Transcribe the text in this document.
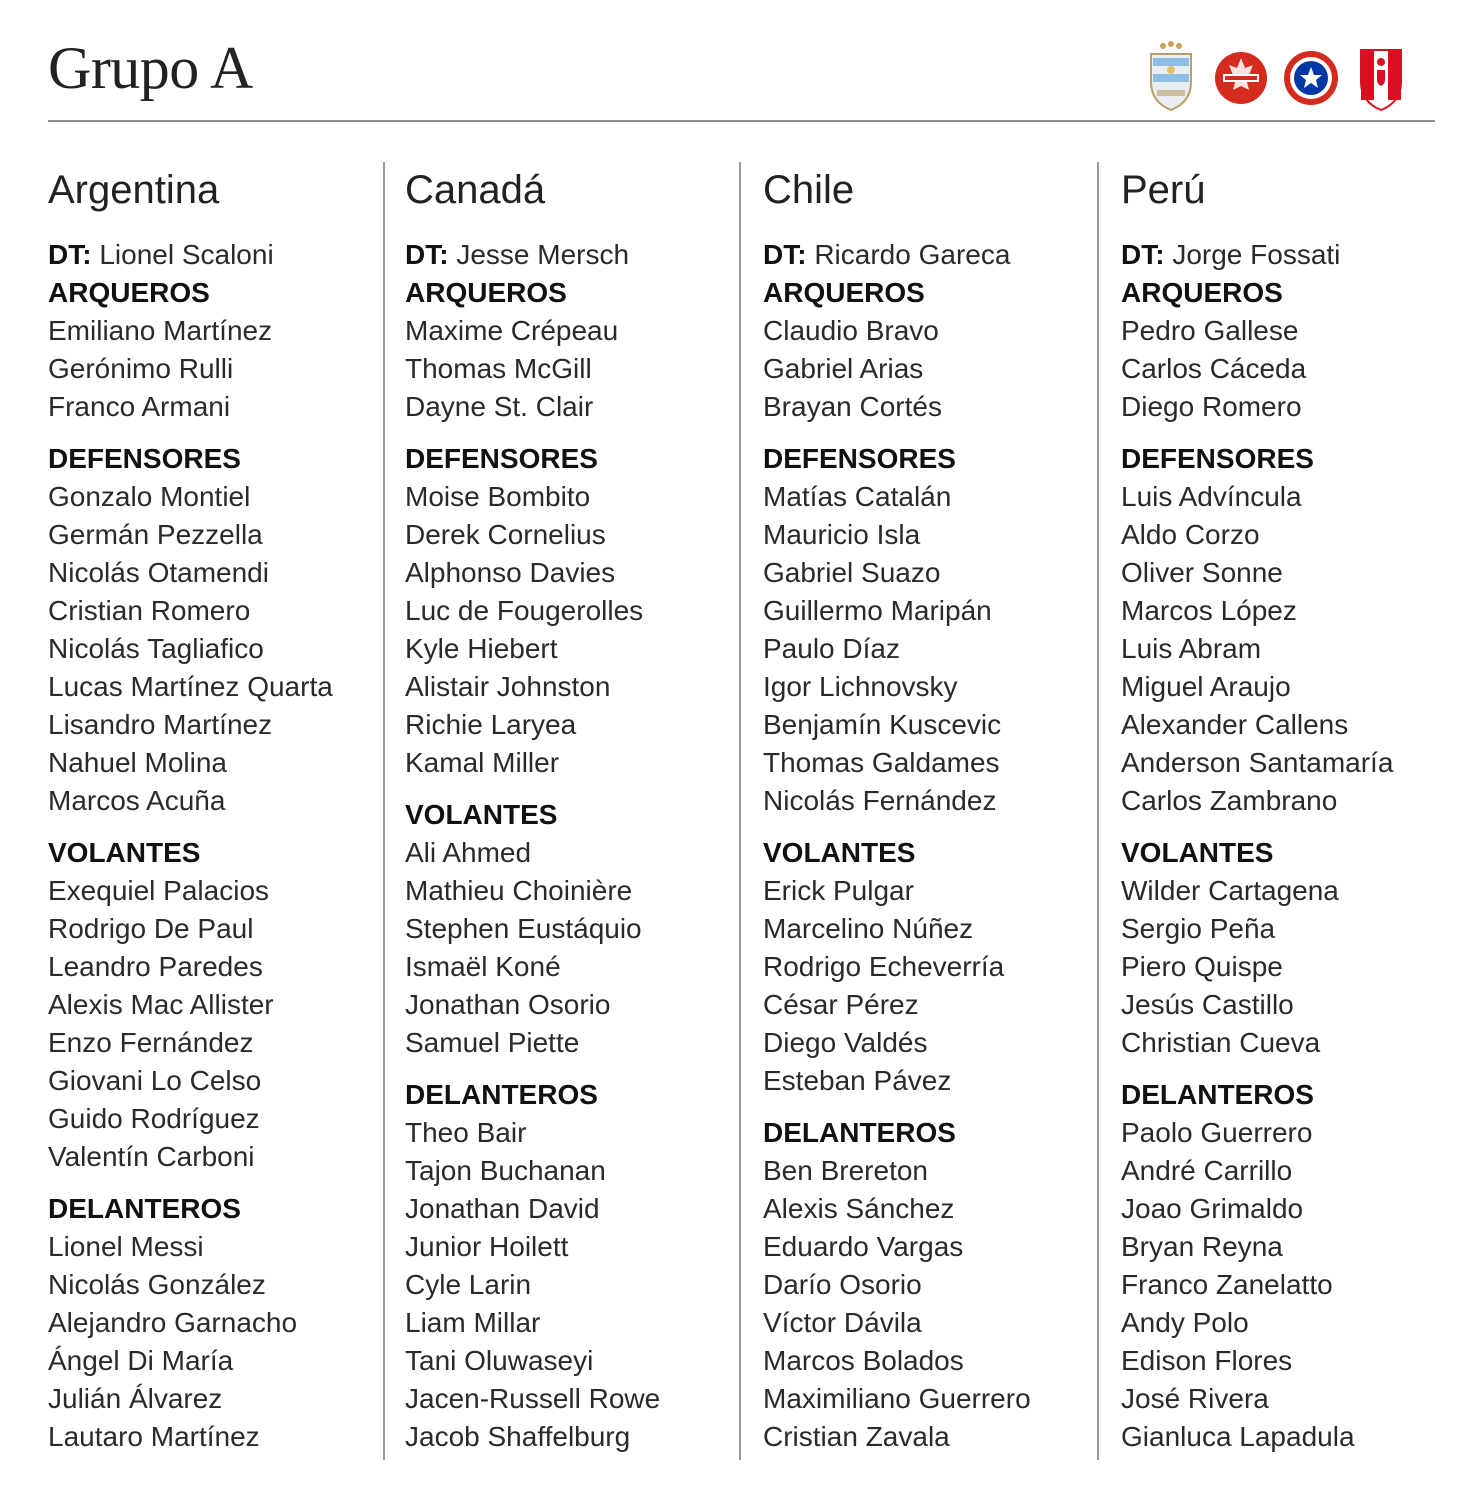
Grupo A
Argentina
DT: Lionel Scaloni
ARQUEROS
Emiliano Martínez
Gerónimo Rulli
Franco Armani
DEFENSORES
Gonzalo Montiel
Germán Pezzella
Nicolás Otamendi
Cristian Romero
Nicolás Tagliafico
Lucas Martínez Quarta
Lisandro Martínez
Nahuel Molina
Marcos Acuña
VOLANTES
Exequiel Palacios
Rodrigo De Paul
Leandro Paredes
Alexis Mac Allister
Enzo Fernández
Giovani Lo Celso
Guido Rodríguez
Valentín Carboni
DELANTEROS
Lionel Messi
Nicolás González
Alejandro Garnacho
Ángel Di María
Julián Álvarez
Lautaro Martínez
Canadá
DT: Jesse Mersch
ARQUEROS
Maxime Crépeau
Thomas McGill
Dayne St. Clair
DEFENSORES
Moise Bombito
Derek Cornelius
Alphonso Davies
Luc de Fougerolles
Kyle Hiebert
Alistair Johnston
Richie Laryea
Kamal Miller
VOLANTES
Ali Ahmed
Mathieu Choinière
Stephen Eustáquio
Ismaël Koné
Jonathan Osorio
Samuel Piette
DELANTEROS
Theo Bair
Tajon Buchanan
Jonathan David
Junior Hoilett
Cyle Larin
Liam Millar
Tani Oluwaseyi
Jacen-Russell Rowe
Jacob Shaffelburg
Chile
DT: Ricardo Gareca
ARQUEROS
Claudio Bravo
Gabriel Arias
Brayan Cortés
DEFENSORES
Matías Catalán
Mauricio Isla
Gabriel Suazo
Guillermo Maripán
Paulo Díaz
Igor Lichnovsky
Benjamín Kuscevic
Thomas Galdames
Nicolás Fernández
VOLANTES
Erick Pulgar
Marcelino Núñez
Rodrigo Echeverría
César Pérez
Diego Valdés
Esteban Pávez
DELANTEROS
Ben Brereton
Alexis Sánchez
Eduardo Vargas
Darío Osorio
Víctor Dávila
Marcos Bolados
Maximiliano Guerrero
Cristian Zavala
Perú
DT: Jorge Fossati
ARQUEROS
Pedro Gallese
Carlos Cáceda
Diego Romero
DEFENSORES
Luis Advíncula
Aldo Corzo
Oliver Sonne
Marcos López
Luis Abram
Miguel Araujo
Alexander Callens
Anderson Santamaría
Carlos Zambrano
VOLANTES
Wilder Cartagena
Sergio Peña
Piero Quispe
Jesús Castillo
Christian Cueva
DELANTEROS
Paolo Guerrero
André Carrillo
Joao Grimaldo
Bryan Reyna
Franco Zanelatto
Andy Polo
Edison Flores
José Rivera
Gianluca Lapadula
